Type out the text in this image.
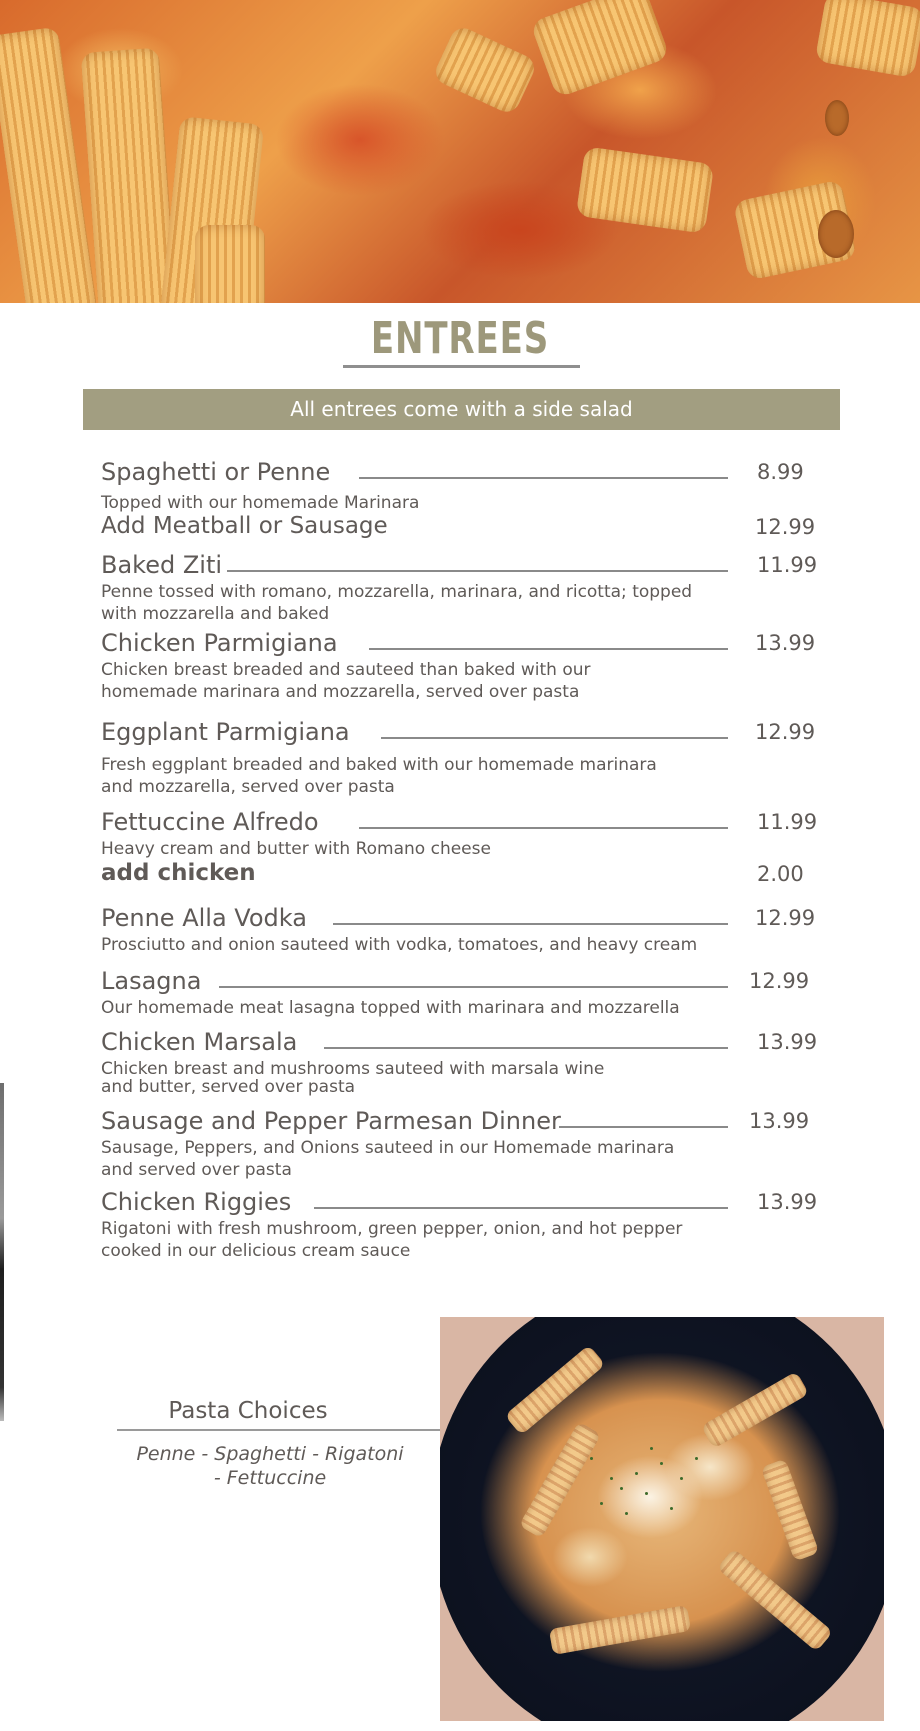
ENTREES
All entrees come with a side salad
Spaghetti or Penne	8.99
Topped with our homemade Marinara
Add Meatball or Sausage	12.99
Baked Ziti	11.99
Penne tossed with romano, mozzarella, marinara, and ricotta; topped
with mozzarella and baked
Chicken Parmigiana	13.99
Chicken breast breaded and sauteed than baked with our
homemade marinara and mozzarella, served over pasta
Eggplant Parmigiana	12.99
Fresh eggplant breaded and baked with our homemade marinara
and mozzarella, served over pasta
Fettuccine Alfredo	11.99
Heavy cream and butter with Romano cheese
add chicken	2.00
Penne Alla Vodka	12.99
Prosciutto and onion sauteed with vodka, tomatoes, and heavy cream
Lasagna	12.99
Our homemade meat lasagna topped with marinara and mozzarella
Chicken Marsala	13.99
Chicken breast and mushrooms sauteed with marsala wine
and butter, served over pasta
Sausage and Pepper Parmesan Dinner	13.99
Sausage, Peppers, and Onions sauteed in our Homemade marinara
and served over pasta
Chicken Riggies	13.99
Rigatoni with fresh mushroom, green pepper, onion, and hot pepper
cooked in our delicious cream sauce
Pasta Choices
Penne - Spaghetti - Rigatoni
- Fettuccine
